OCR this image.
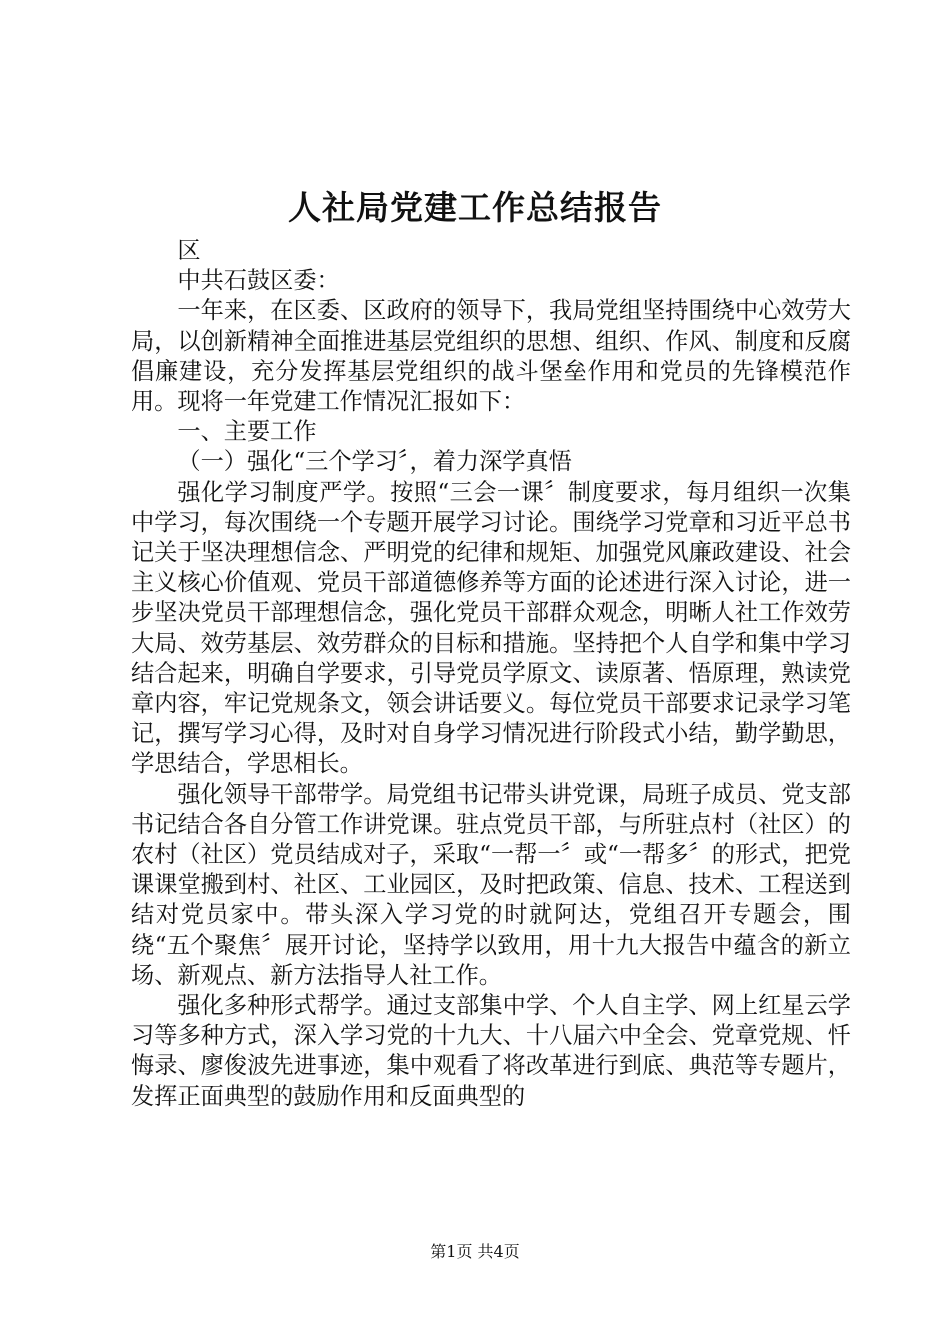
人社局党建工作总结报告

区

中共石鼓区委：

一年来，在区委、区政府的领导下，我局党组坚持围绕中心效劳大局，以创新精神全面推进基层党组织的思想、组织、作风、制度和反腐倡廉建设，充分发挥基层党组织的战斗堡垒作用和党员的先锋模范作用。现将一年党建工作情况汇报如下：

一、主要工作

（一）强化“三个学习〞，着力深学真悟

强化学习制度严学。按照“三会一课〞制度要求，每月组织一次集中学习，每次围绕一个专题开展学习讨论。围绕学习党章和习近平总书记关于坚决理想信念、严明党的纪律和规矩、加强党风廉政建设、社会主义核心价值观、党员干部道德修养等方面的论述进行深入讨论，进一步坚决党员干部理想信念，强化党员干部群众观念，明晰人社工作效劳大局、效劳基层、效劳群众的目标和措施。坚持把个人自学和集中学习结合起来，明确自学要求，引导党员学原文、读原著、悟原理，熟读党章内容，牢记党规条文，领会讲话要义。每位党员干部要求记录学习笔记，撰写学习心得，及时对自身学习情况进行阶段式小结，勤学勤思，学思结合，学思相长。

强化领导干部带学。局党组书记带头讲党课，局班子成员、党支部书记结合各自分管工作讲党课。驻点党员干部，与所驻点村（社区）的农村（社区）党员结成对子，采取“一帮一〞或“一帮多〞的形式，把党课课堂搬到村、社区、工业园区，及时把政策、信息、技术、工程送到结对党员家中。带头深入学习党的时就阿达，党组召开专题会，围绕“五个聚焦〞展开讨论，坚持学以致用，用十九大报告中蕴含的新立场、新观点、新方法指导人社工作。

强化多种形式帮学。通过支部集中学、个人自主学、网上红星云学习等多种方式，深入学习党的十九大、十八届六中全会、党章党规、忏悔录、廖俊波先进事迹，集中观看了将改革进行到底、典范等专题片，发挥正面典型的鼓励作用和反面典型的

第1页 共4页
